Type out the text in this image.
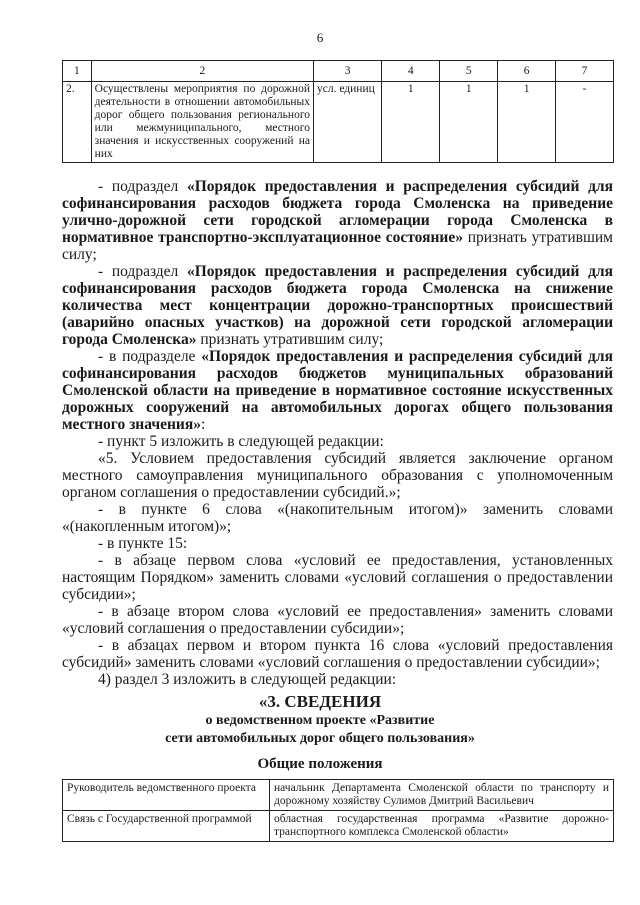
6
1	2	3	4	5	6	7
2.	Осуществлены мероприятия по дорожной деятельности в отношении автомобильных дорог общего пользования регионального или межмуниципального, местного значения и искусственных сооружений на них	усл. единиц	1	1	1	-

- подраздел «Порядок предоставления и распределения субсидий для софинансирования расходов бюджета города Смоленска на приведение улично-дорожной сети городской агломерации города Смоленска в нормативное транспортно-эксплуатационное состояние» признать утратившим силу;

- подраздел «Порядок предоставления и распределения субсидий для софинансирования расходов бюджета города Смоленска на снижение количества мест концентрации дорожно-транспортных происшествий (аварийно опасных участков) на дорожной сети городской агломерации города Смоленска» признать утратившим силу;

- в подразделе «Порядок предоставления и распределения субсидий для софинансирования расходов бюджетов муниципальных образований Смоленской области на приведение в нормативное состояние искусственных дорожных сооружений на автомобильных дорогах общего пользования местного значения»:

- пункт 5 изложить в следующей редакции:

«5. Условием предоставления субсидий является заключение органом местного самоуправления муниципального образования с уполномоченным органом соглашения о предоставлении субсидий.»;

- в пункте 6 слова «(накопительным итогом)» заменить словами «(накопленным итогом)»;

- в пункте 15:

- в абзаце первом слова «условий ее предоставления, установленных настоящим Порядком» заменить словами «условий соглашения о предоставлении субсидии»;

- в абзаце втором слова «условий ее предоставления» заменить словами «условий соглашения о предоставлении субсидии»;

- в абзацах первом и втором пункта 16 слова «условий предоставления субсидий» заменить словами «условий соглашения о предоставлении субсидии»;

4) раздел 3 изложить в следующей редакции:

«3. СВЕДЕНИЯ
о ведомственном проекте «Развитие
сети автомобильных дорог общего пользования»
Общие положения
Руководитель ведомственного проекта	начальник Департамента Смоленской области по транспорту и дорожному хозяйству Сулимов Дмитрий Васильевич
Связь с Государственной программой	областная государственная программа «Развитие дорожно-транспортного комплекса Смоленской области»
